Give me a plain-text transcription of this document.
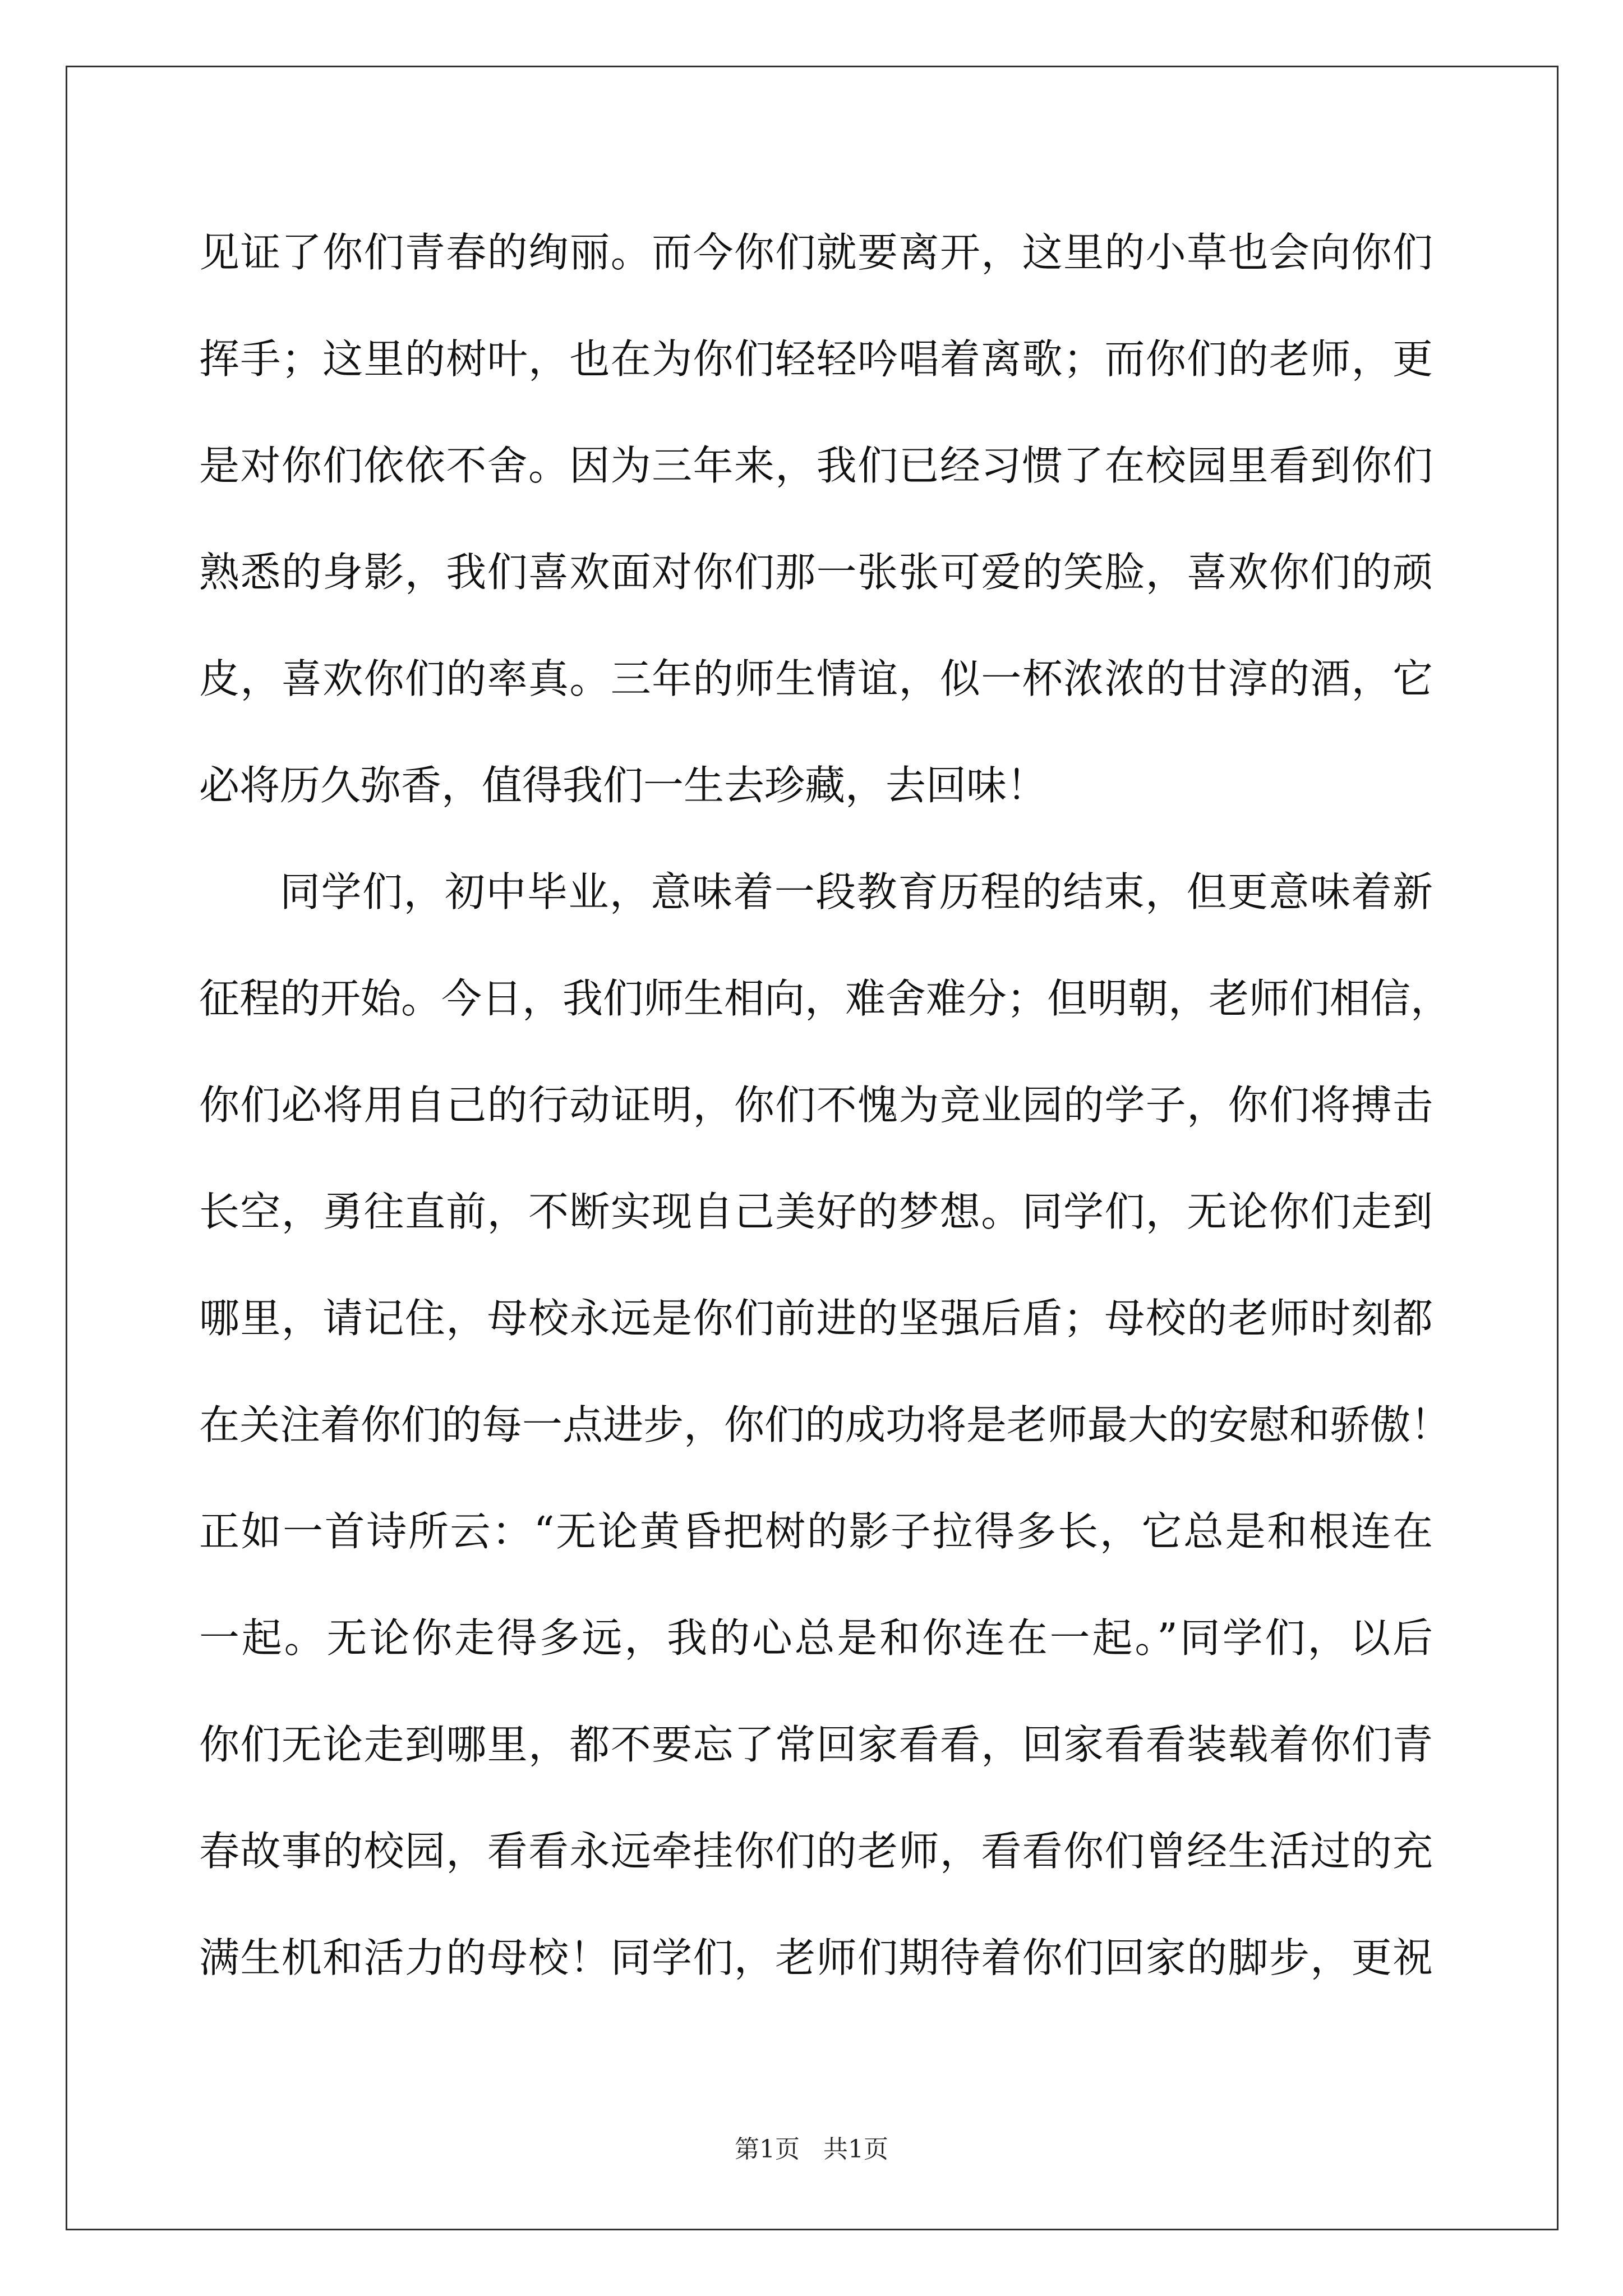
见证了你们青春的绚丽。而今你们就要离开，这里的小草也会向你们
挥手；这里的树叶，也在为你们轻轻吟唱着离歌；而你们的老师，更
是对你们依依不舍。因为三年来，我们已经习惯了在校园里看到你们
熟悉的身影，我们喜欢面对你们那一张张可爱的笑脸，喜欢你们的顽
皮，喜欢你们的率真。三年的师生情谊，似一杯浓浓的甘淳的酒，它
必将历久弥香，值得我们一生去珍藏，去回味！
同学们，初中毕业，意味着一段教育历程的结束，但更意味着新
征程的开始。今日，我们师生相向，难舍难分；但明朝，老师们相信，
你们必将用自己的行动证明，你们不愧为竞业园的学子，你们将搏击
长空，勇往直前，不断实现自己美好的梦想。同学们，无论你们走到
哪里，请记住，母校永远是你们前进的坚强后盾；母校的老师时刻都
在关注着你们的每一点进步，你们的成功将是老师最大的安慰和骄傲！
正如一首诗所云：“无论黄昏把树的影子拉得多长，它总是和根连在
一起。无论你走得多远，我的心总是和你连在一起。”同学们，以后
你们无论走到哪里，都不要忘了常回家看看，回家看看装载着你们青
春故事的校园，看看永远牵挂你们的老师，看看你们曾经生活过的充
满生机和活力的母校！同学们，老师们期待着你们回家的脚步，更祝
第1页   共1页
